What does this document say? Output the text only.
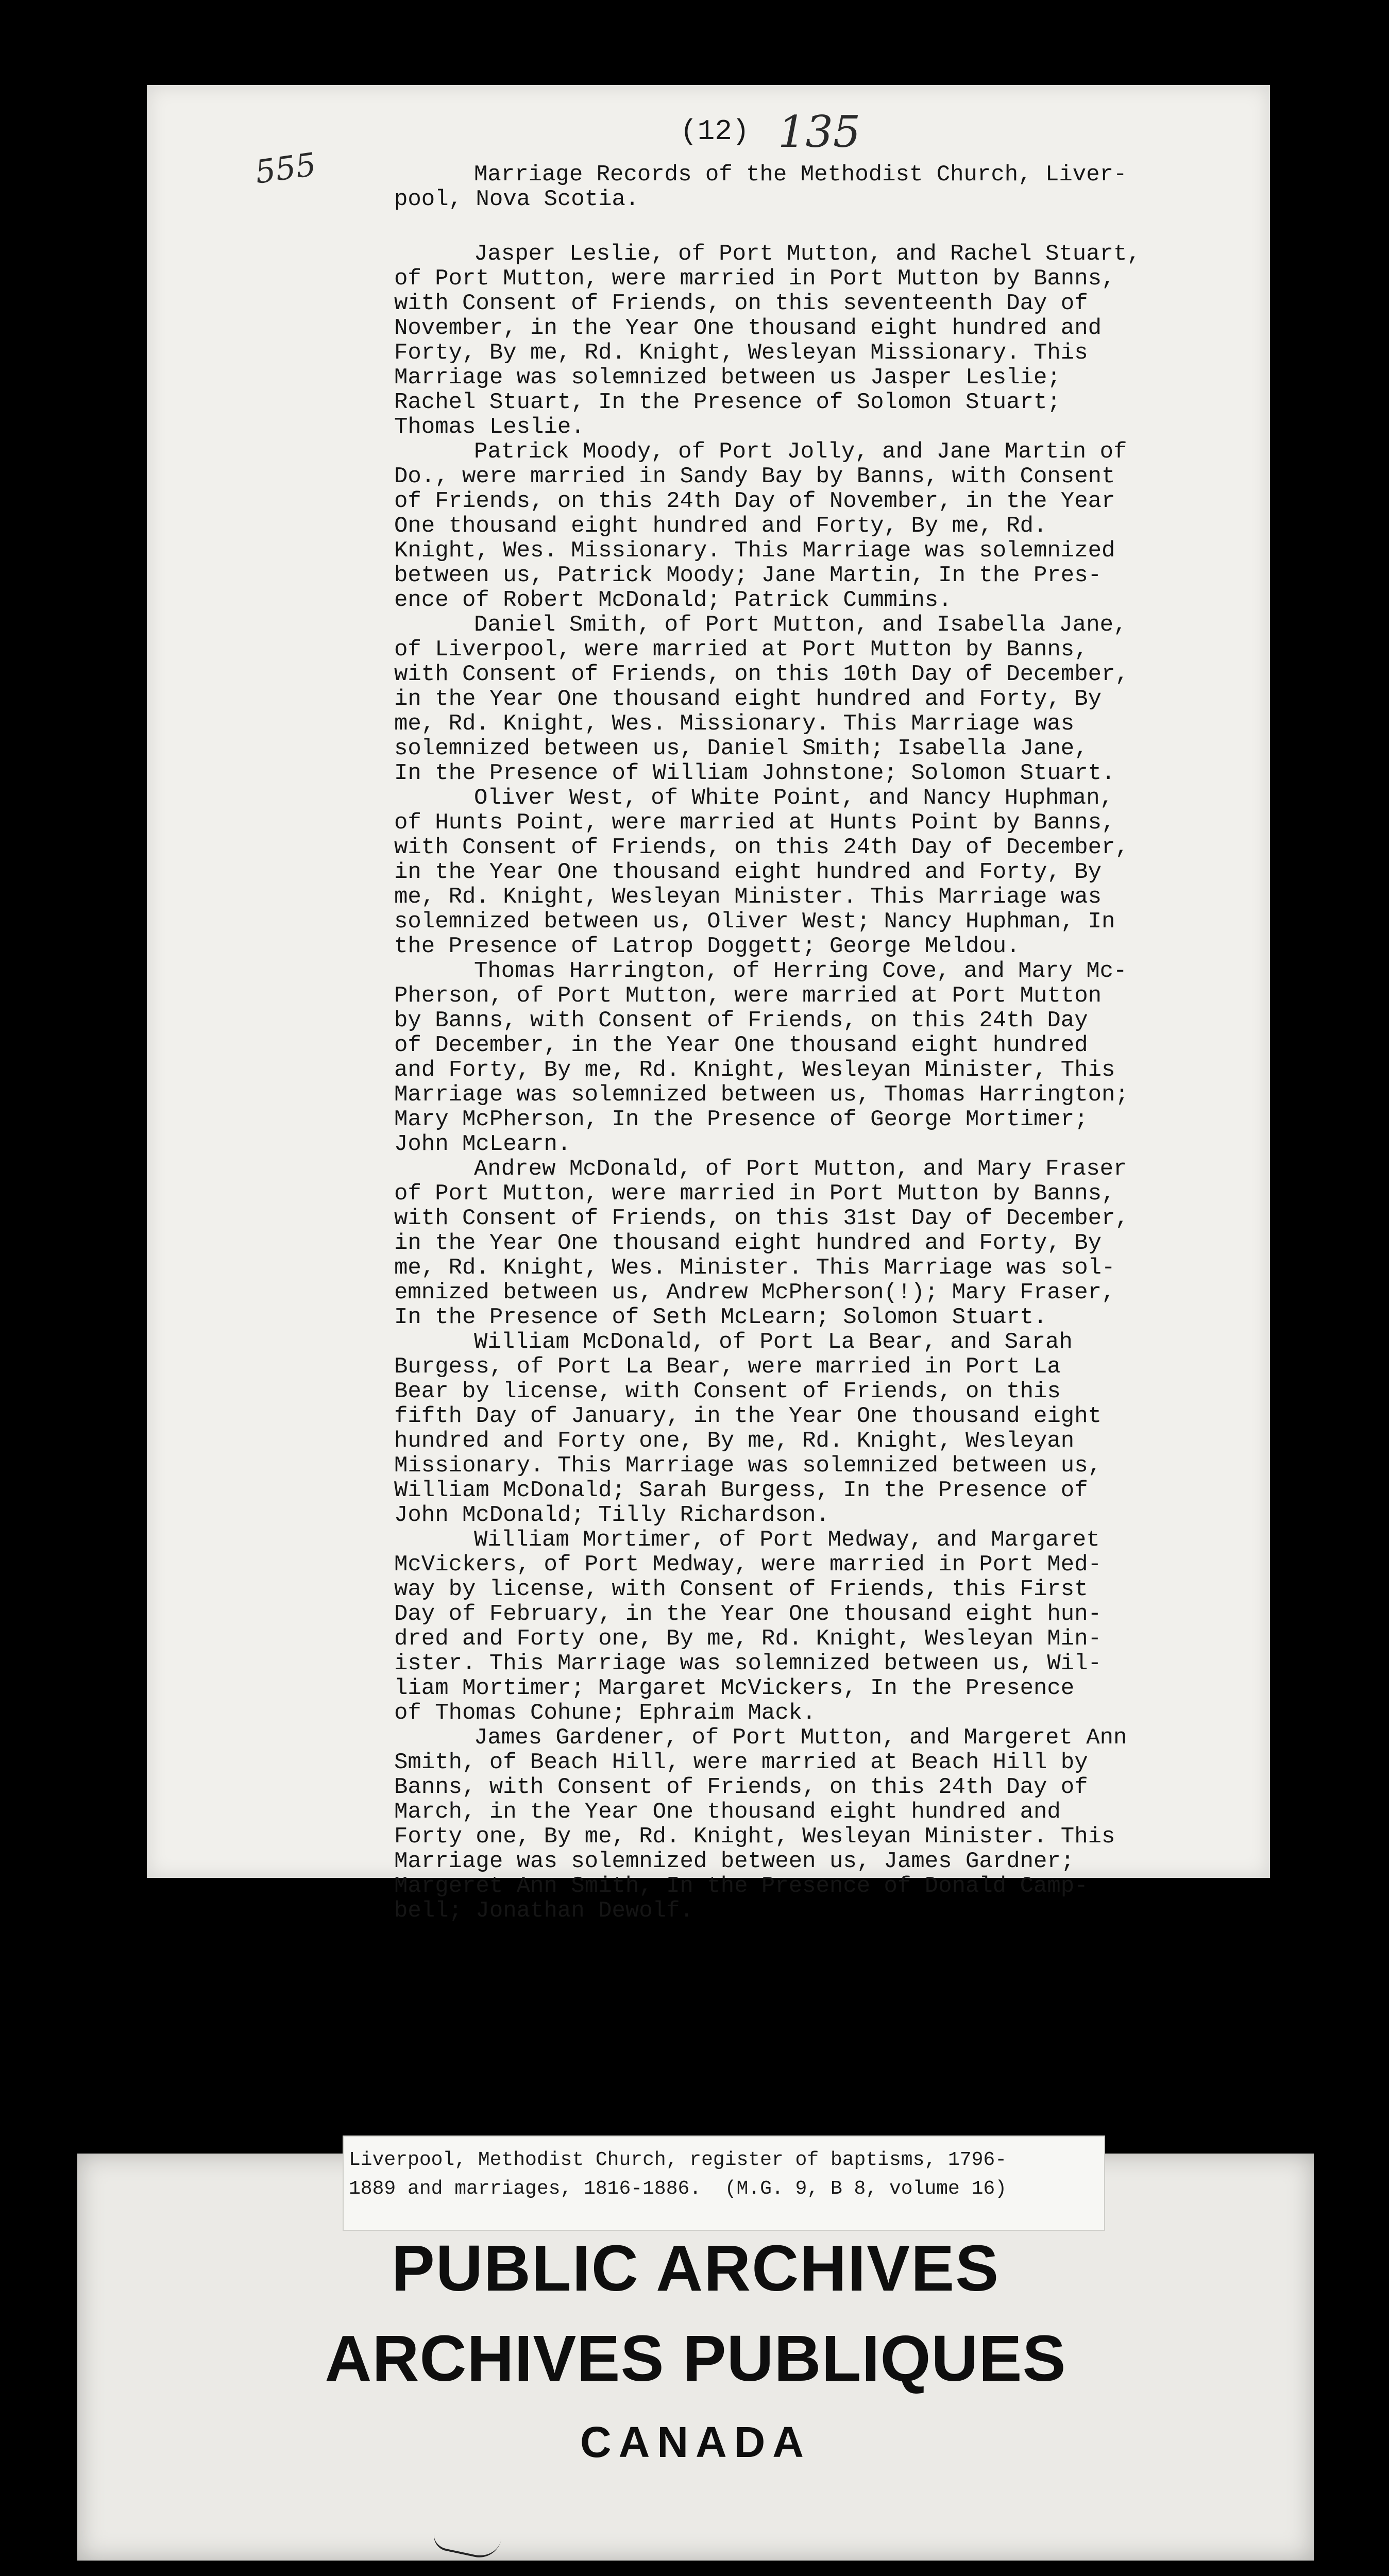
555
(12) 135

Marriage Records of the Methodist Church, Liver-
pool, Nova Scotia.

Jasper Leslie, of Port Mutton, and Rachel Stuart,
of Port Mutton, were married in Port Mutton by Banns,
with Consent of Friends, on this seventeenth Day of
November, in the Year One thousand eight hundred and
Forty, By me, Rd. Knight, Wesleyan Missionary. This
Marriage was solemnized between us Jasper Leslie;
Rachel Stuart, In the Presence of Solomon Stuart;
Thomas Leslie.

Patrick Moody, of Port Jolly, and Jane Martin of
Do., were married in Sandy Bay by Banns, with Consent
of Friends, on this 24th Day of November, in the Year
One thousand eight hundred and Forty, By me, Rd.
Knight, Wes. Missionary. This Marriage was solemnized
between us, Patrick Moody; Jane Martin, In the Pres-
ence of Robert McDonald; Patrick Cummins.

Daniel Smith, of Port Mutton, and Isabella Jane,
of Liverpool, were married at Port Mutton by Banns,
with Consent of Friends, on this 10th Day of December,
in the Year One thousand eight hundred and Forty, By
me, Rd. Knight, Wes. Missionary. This Marriage was
solemnized between us, Daniel Smith; Isabella Jane,
In the Presence of William Johnstone; Solomon Stuart.

Oliver West, of White Point, and Nancy Huphman,
of Hunts Point, were married at Hunts Point by Banns,
with Consent of Friends, on this 24th Day of December,
in the Year One thousand eight hundred and Forty, By
me, Rd. Knight, Wesleyan Minister. This Marriage was
solemnized between us, Oliver West; Nancy Huphman, In
the Presence of Latrop Doggett; George Meldou.

Thomas Harrington, of Herring Cove, and Mary Mc-
Pherson, of Port Mutton, were married at Port Mutton
by Banns, with Consent of Friends, on this 24th Day
of December, in the Year One thousand eight hundred
and Forty, By me, Rd. Knight, Wesleyan Minister, This
Marriage was solemnized between us, Thomas Harrington;
Mary McPherson, In the Presence of George Mortimer;
John McLearn.

Andrew McDonald, of Port Mutton, and Mary Fraser
of Port Mutton, were married in Port Mutton by Banns,
with Consent of Friends, on this 31st Day of December,
in the Year One thousand eight hundred and Forty, By
me, Rd. Knight, Wes. Minister. This Marriage was sol-
emnized between us, Andrew McPherson(!); Mary Fraser,
In the Presence of Seth McLearn; Solomon Stuart.

William McDonald, of Port La Bear, and Sarah
Burgess, of Port La Bear, were married in Port La
Bear by license, with Consent of Friends, on this
fifth Day of January, in the Year One thousand eight
hundred and Forty one, By me, Rd. Knight, Wesleyan
Missionary. This Marriage was solemnized between us,
William McDonald; Sarah Burgess, In the Presence of
John McDonald; Tilly Richardson.

William Mortimer, of Port Medway, and Margaret
McVickers, of Port Medway, were married in Port Med-
way by license, with Consent of Friends, this First
Day of February, in the Year One thousand eight hun-
dred and Forty one, By me, Rd. Knight, Wesleyan Min-
ister. This Marriage was solemnized between us, Wil-
liam Mortimer; Margaret McVickers, In the Presence
of Thomas Cohune; Ephraim Mack.

James Gardener, of Port Mutton, and Margeret Ann
Smith, of Beach Hill, were married at Beach Hill by
Banns, with Consent of Friends, on this 24th Day of
March, in the Year One thousand eight hundred and
Forty one, By me, Rd. Knight, Wesleyan Minister. This
Marriage was solemnized between us, James Gardner;
Margeret Ann Smith, In the Presence of Donald Camp-
bell; Jonathan Dewolf.

Liverpool, Methodist Church, register of baptisms, 1796-
1889 and marriages, 1816-1886.  (M.G. 9, B 8, volume 16)
PUBLIC ARCHIVES
ARCHIVES PUBLIQUES
CANADA
